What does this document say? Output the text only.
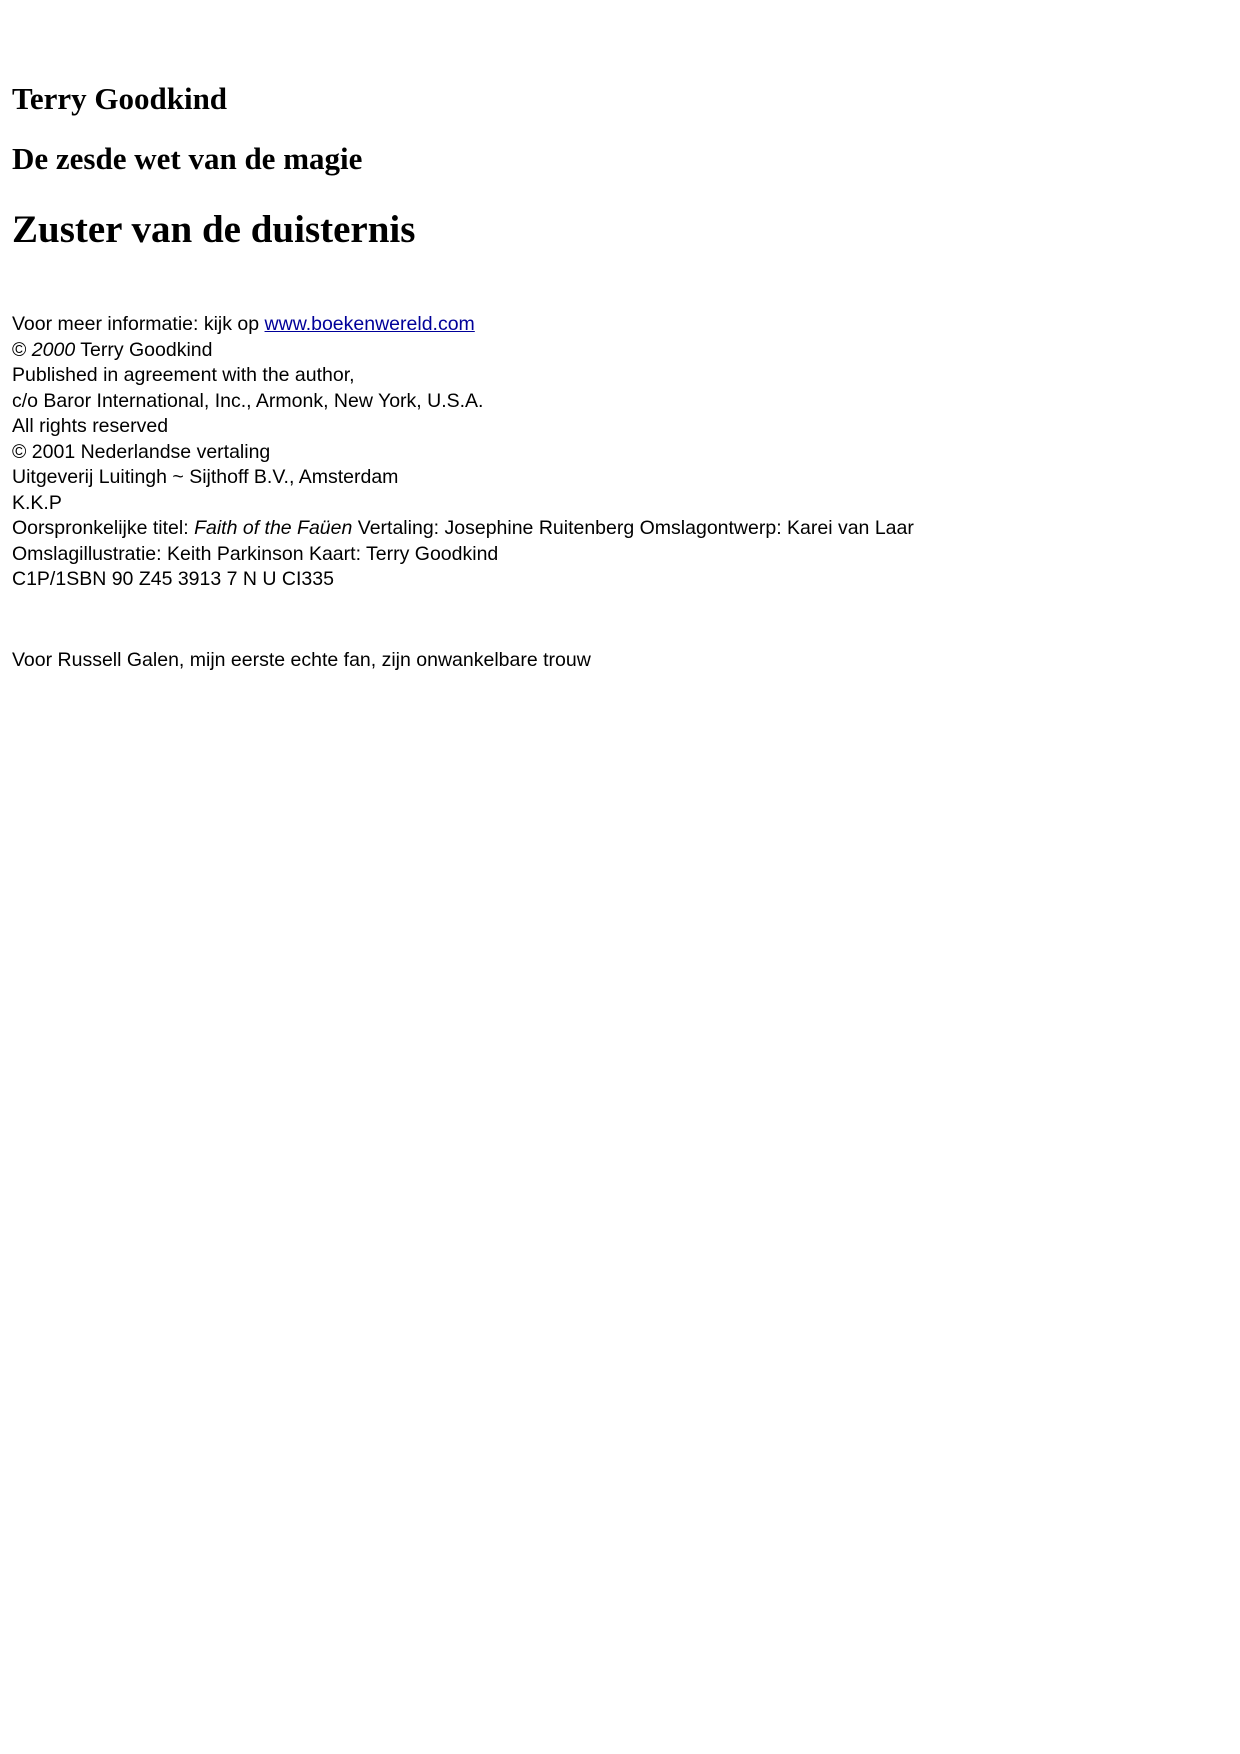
Terry Goodkind
De zesde wet van de magie
Zuster van de duisternis

Voor meer informatie: kijk op www.boekenwereld.com
© 2000 Terry Goodkind
Published in agreement with the author,
c/o Baror International, Inc., Armonk, New York, U.S.A.
All rights reserved
© 2001 Nederlandse vertaling
Uitgeverij Luitingh ~ Sijthoff B.V., Amsterdam
K.K.P
Oorspronkelijke titel: Faith of the Faüen Vertaling: Josephine Ruitenberg Omslagontwerp: Karei van Laar
Omslagillustratie: Keith Parkinson Kaart: Terry Goodkind
C1P/1SBN 90 Z45 3913 7 N U CI335

Voor Russell Galen, mijn eerste echte fan, zijn onwankelbare trouw
